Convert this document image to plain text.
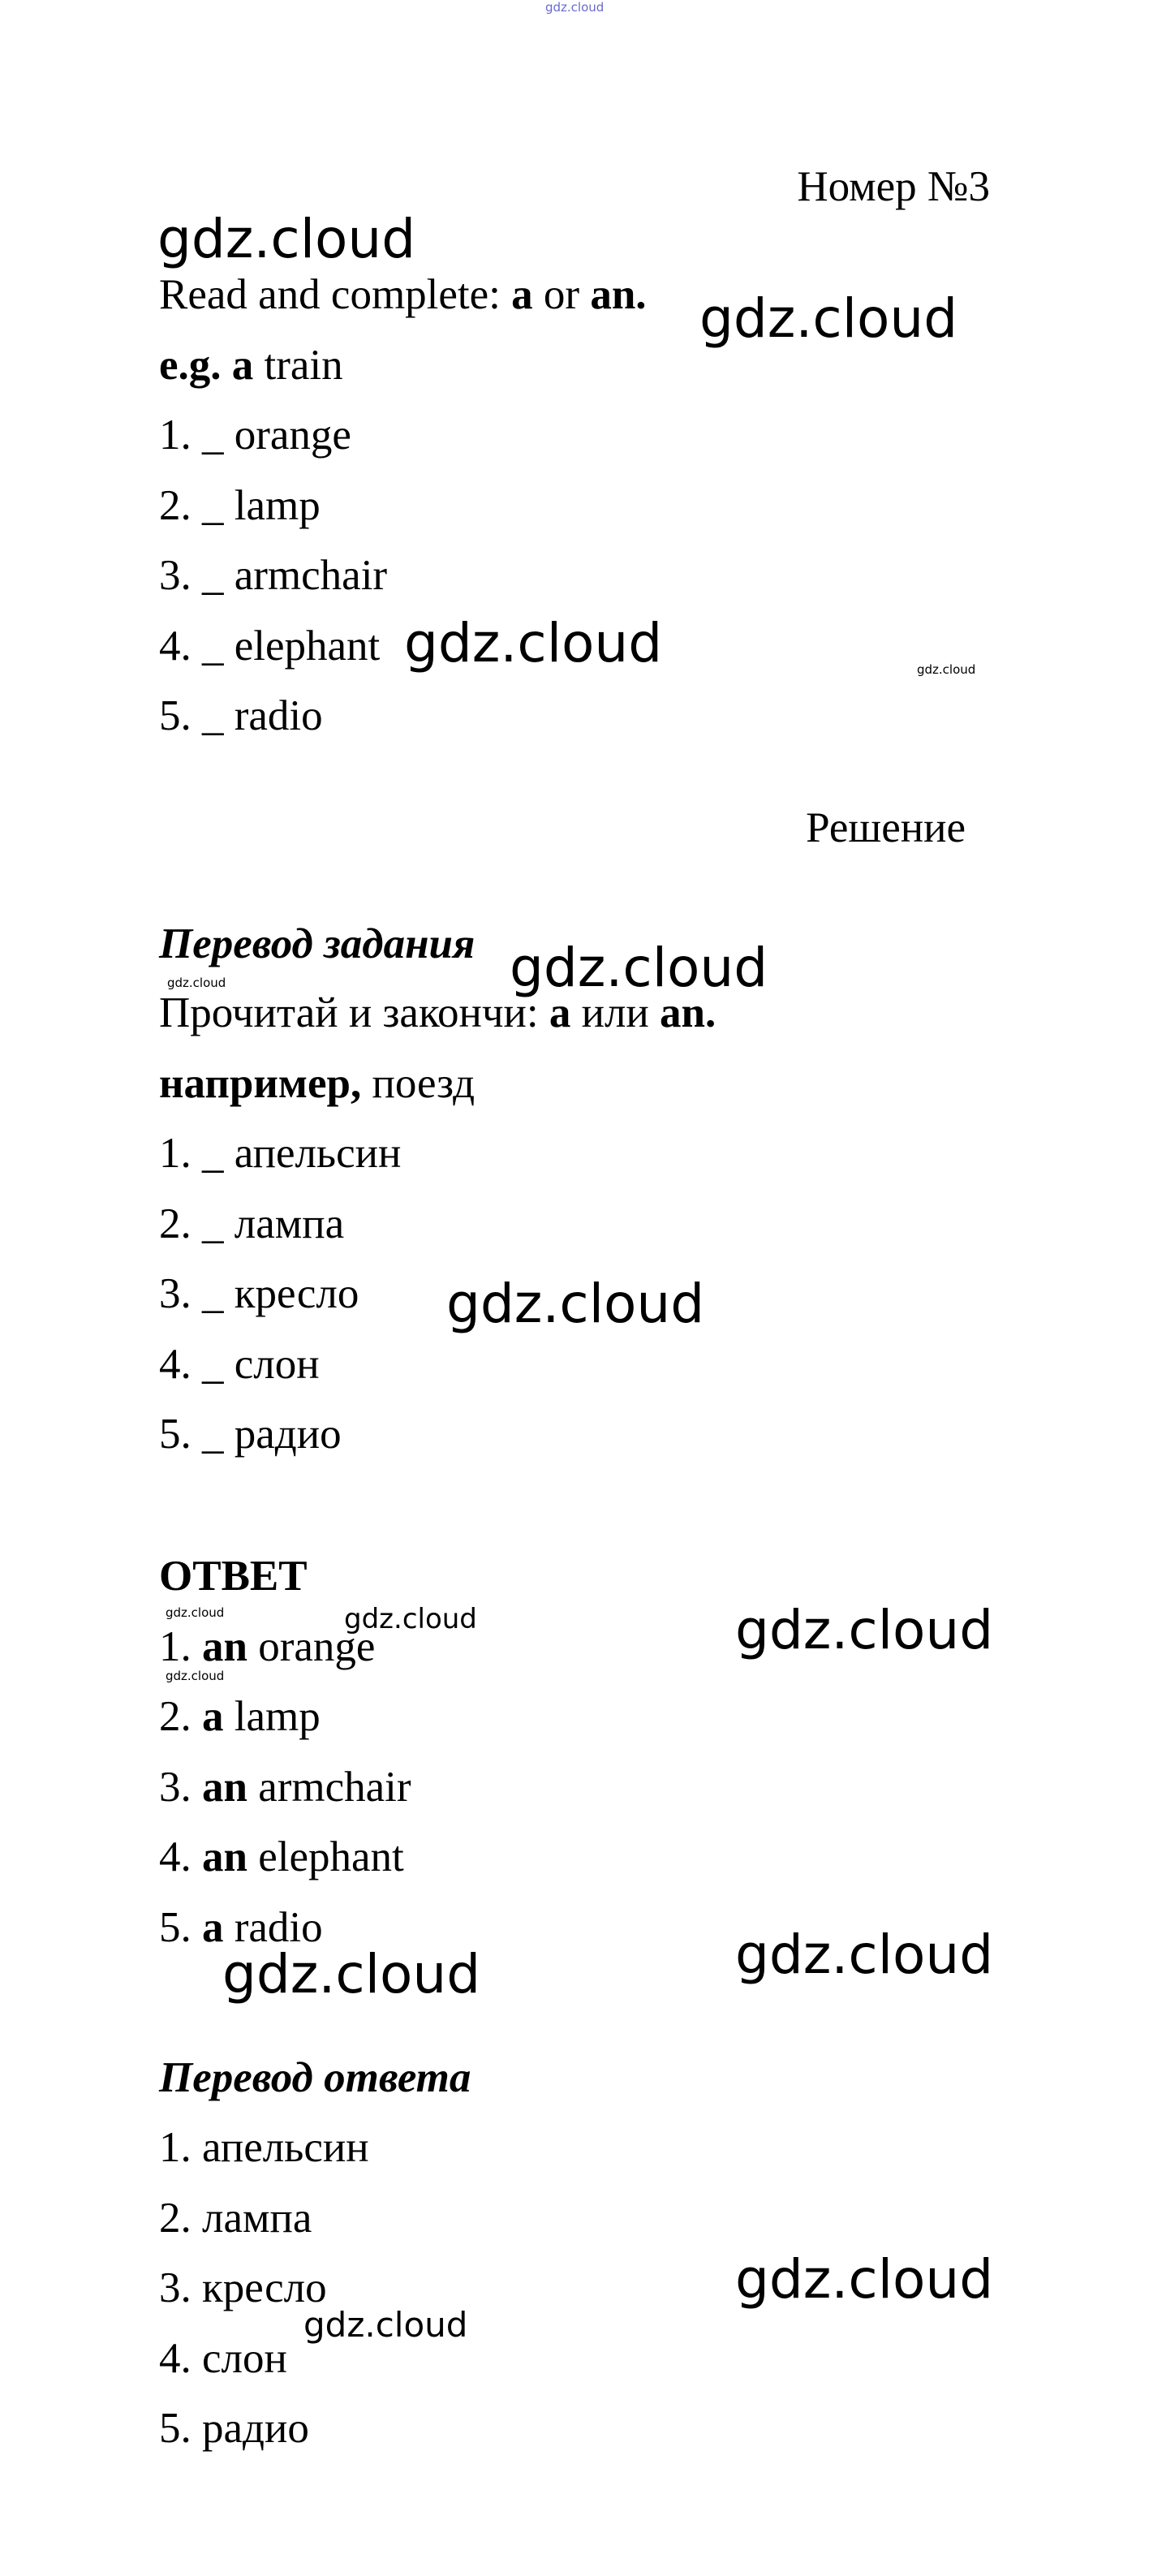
gdz.cloud
Номер №3
gdz.cloud
Read and complete: a or an. gdz.cloud
e.g. a train
1. _ orange
2. _ lamp
3. _ armchair
4. _ elephant gdz.cloud	gdz.cloud
5. _ radio
Решение
Перевод задания gdz.cloud
gdz.cloud
Прочитай и закончи: a или an.
например, поезд
1. _ апельсин
2. _ лампа
3. _ кресло gdz.cloud
4. _ слон
5. _ радио
ОТВЕТ
gdz.cloud	gdz.cloud	gdz.cloud
1. an orange
gdz.cloud
2. a lamp
3. an armchair
4. an elephant
5. a radio	gdz.cloud
gdz.cloud
Перевод ответа
1. апельсин
2. лампа
3. кресло	gdz.cloud
gdz.cloud
4. слон
5. радио
